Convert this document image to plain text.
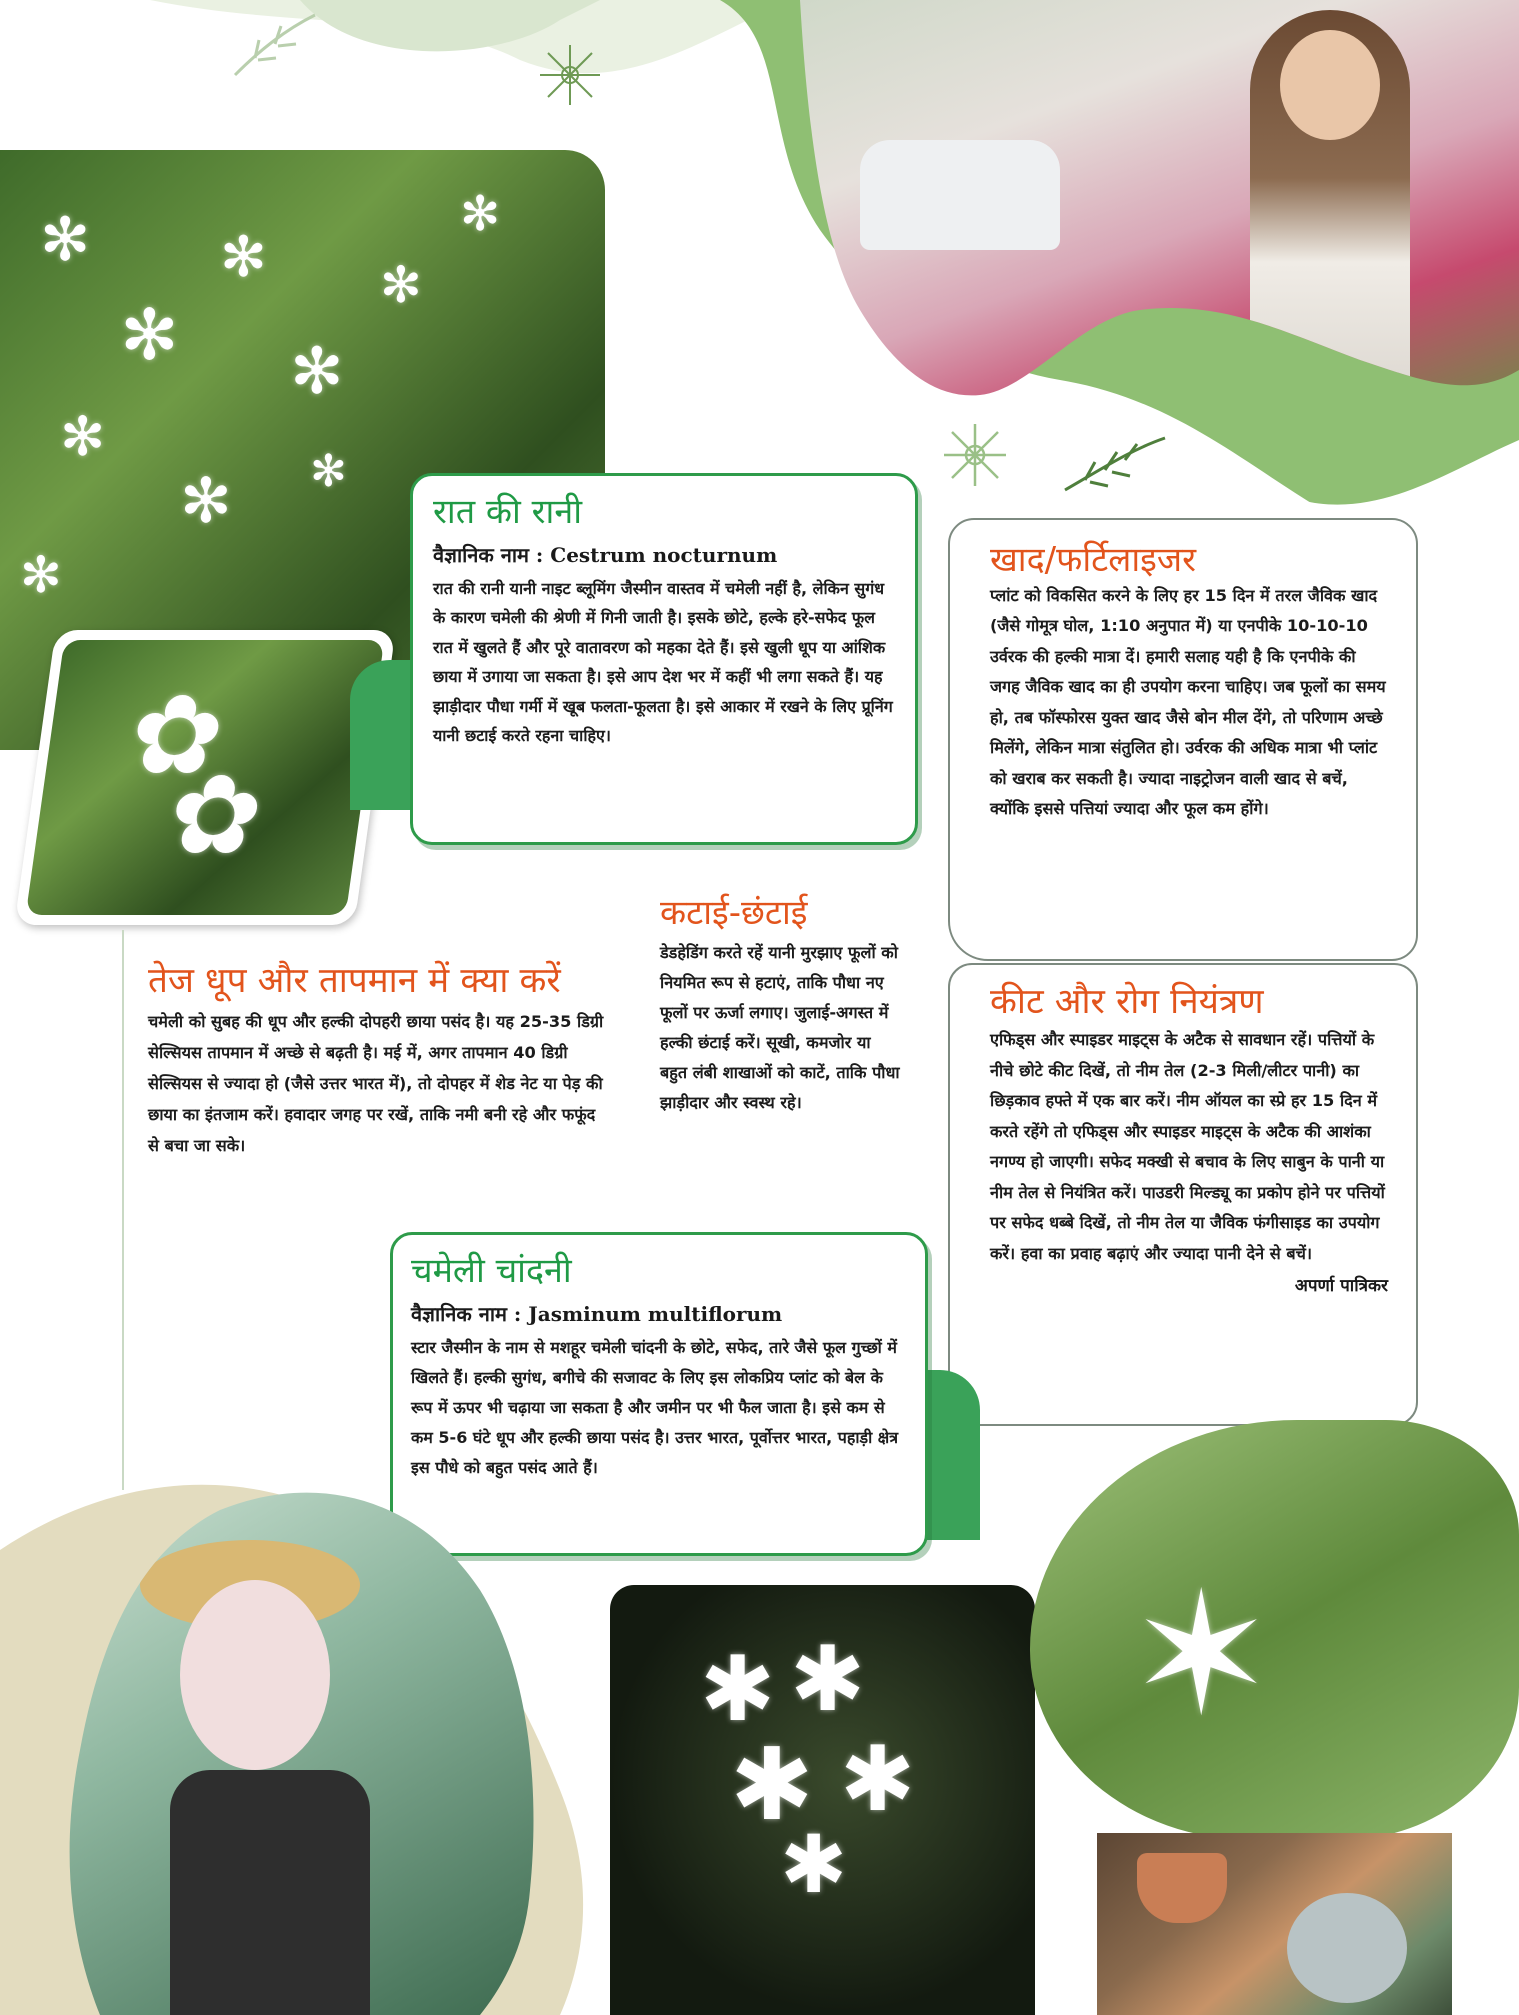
✻
✻
✻
✻
✻
✻
✻
✻
✻
✻
✿
✿
रात की रानी
वैज्ञानिक नाम : Cestrum nocturnum

रात की रानी यानी नाइट ब्लूमिंग जैस्मीन वास्तव में चमेली नहीं है, लेकिन सुगंध के कारण चमेली की श्रेणी में गिनी जाती है। इसके छोटे, हल्के हरे-सफेद फूल रात में खुलते हैं और पूरे वातावरण को महका देते हैं। इसे खुली धूप या आंशिक छाया में उगाया जा सकता है। इसे आप देश भर में कहीं भी लगा सकते हैं। यह झाड़ीदार पौधा गर्मी में खूब फलता-फूलता है। इसे आकार में रखने के लिए प्रूनिंग यानी छटाई करते रहना चाहिए।

खाद/फर्टिलाइजर

प्लांट को विकसित करने के लिए हर 15 दिन में तरल जैविक खाद (जैसे गोमूत्र घोल, 1:10 अनुपात में) या एनपीके 10-10-10 उर्वरक की हल्की मात्रा दें। हमारी सलाह यही है कि एनपीके की जगह जैविक खाद का ही उपयोग करना चाहिए। जब फूलों का समय हो, तब फॉस्फोरस युक्त खाद जैसे बोन मील देंगे, तो परिणाम अच्छे मिलेंगे, लेकिन मात्रा संतुलित हो। उर्वरक की अधिक मात्रा भी प्लांट को खराब कर सकती है। ज्यादा नाइट्रोजन वाली खाद से बचें, क्योंकि इससे पत्तियां ज्यादा और फूल कम होंगे।

कटाई-छंटाई

डेडहेडिंग करते रहें यानी मुरझाए फूलों को नियमित रूप से हटाएं, ताकि पौधा नए फूलों पर ऊर्जा लगाए। जुलाई-अगस्त में हल्की छंटाई करें। सूखी, कमजोर या बहुत लंबी शाखाओं को काटें, ताकि पौधा झाड़ीदार और स्वस्थ रहे।

तेज धूप और तापमान में क्या करें

चमेली को सुबह की धूप और हल्की दोपहरी छाया पसंद है। यह 25-35 डिग्री सेल्सियस तापमान में अच्छे से बढ़ती है। मई में, अगर तापमान 40 डिग्री सेल्सियस से ज्यादा हो (जैसे उत्तर भारत में), तो दोपहर में शेड नेट या पेड़ की छाया का इंतजाम करें। हवादार जगह पर रखें, ताकि नमी बनी रहे और फफूंद से बचा जा सके।

कीट और रोग नियंत्रण

एफिड्स और स्पाइडर माइट्स के अटैक से सावधान रहें। पत्तियों के नीचे छोटे कीट दिखें, तो नीम तेल (2-3 मिली/लीटर पानी) का छिड़काव हफ्ते में एक बार करें। नीम ऑयल का स्प्रे हर 15 दिन में करते रहेंगे तो एफिड्स और स्पाइडर माइट्स के अटैक की आशंका नगण्य हो जाएगी। सफेद मक्खी से बचाव के लिए साबुन के पानी या नीम तेल से नियंत्रित करें। पाउडरी मिल्ड्यू का प्रकोप होने पर पत्तियों पर सफेद धब्बे दिखें, तो नीम तेल या जैविक फंगीसाइड का उपयोग करें। हवा का प्रवाह बढ़ाएं और ज्यादा पानी देने से बचें।

अपर्णा पात्रिकर
चमेली चांदनी
वैज्ञानिक नाम : Jasminum multiflorum

स्टार जैस्मीन के नाम से मशहूर चमेली चांदनी के छोटे, सफेद, तारे जैसे फूल गुच्छों में खिलते हैं। हल्की सुगंध, बगीचे की सजावट के लिए इस लोकप्रिय प्लांट को बेल के रूप में ऊपर भी चढ़ाया जा सकता है और जमीन पर भी फैल जाता है। इसे कम से कम 5-6 घंटे धूप और हल्की छाया पसंद है। उत्तर भारत, पूर्वोत्तर भारत, पहाड़ी क्षेत्र इस पौधे को बहुत पसंद आते हैं।

✱ ✱
✱ ✱
✱
✶
